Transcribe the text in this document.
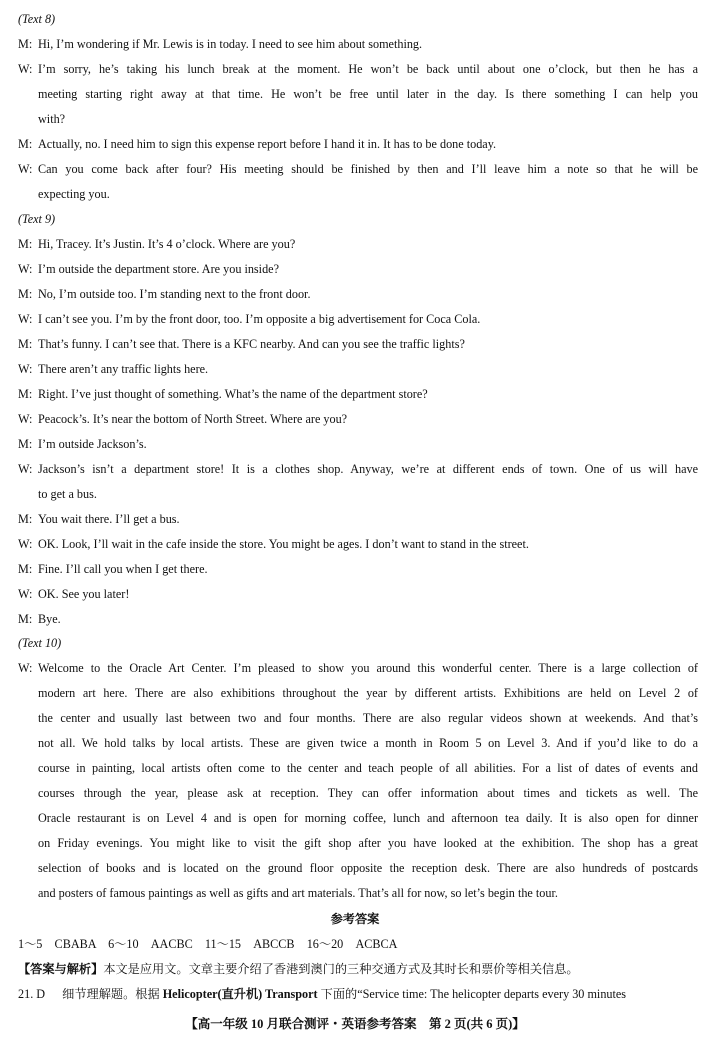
(Text 8)
M: Hi, I’m wondering if Mr. Lewis is in today. I need to see him about something.
W: I’m sorry, he’s taking his lunch break at the moment. He won’t be back until about one o’clock, but then he has a
meeting starting right away at that time. He won’t be free until later in the day. Is there something I can help you
with?
M: Actually, no. I need him to sign this expense report before I hand it in. It has to be done today.
W: Can you come back after four? His meeting should be finished by then and I’ll leave him a note so that he will be
expecting you.
(Text 9)
M: Hi, Tracey. It’s Justin. It’s 4 o’clock. Where are you?
W: I’m outside the department store. Are you inside?
M: No, I’m outside too. I’m standing next to the front door.
W: I can’t see you. I’m by the front door, too. I’m opposite a big advertisement for Coca Cola.
M: That’s funny. I can’t see that. There is a KFC nearby. And can you see the traffic lights?
W: There aren’t any traffic lights here.
M: Right. I’ve just thought of something. What’s the name of the department store?
W: Peacock’s. It’s near the bottom of North Street. Where are you?
M: I’m outside Jackson’s.
W: Jackson’s isn’t a department store! It is a clothes shop. Anyway, we’re at different ends of town. One of us will have
to get a bus.
M: You wait there. I’ll get a bus.
W: OK. Look, I’ll wait in the cafe inside the store. You might be ages. I don’t want to stand in the street.
M: Fine. I’ll call you when I get there.
W: OK. See you later!
M: Bye.
(Text 10)
W: Welcome to the Oracle Art Center. I’m pleased to show you around this wonderful center. There is a large collection of
modern art here. There are also exhibitions throughout the year by different artists. Exhibitions are held on Level 2 of
the center and usually last between two and four months. There are also regular videos shown at weekends. And that’s
not all. We hold talks by local artists. These are given twice a month in Room 5 on Level 3. And if you’d like to do a
course in painting, local artists often come to the center and teach people of all abilities. For a list of dates of events and
courses through the year, please ask at reception. They can offer information about times and tickets as well. The
Oracle restaurant is on Level 4 and is open for morning coffee, lunch and afternoon tea daily. It is also open for dinner
on Friday evenings. You might like to visit the gift shop after you have looked at the exhibition. The shop has a great
selection of books and is located on the ground floor opposite the reception desk. There are also hundreds of postcards
and posters of famous paintings as well as gifts and art materials. That’s all for now, so let’s begin the tour.
参考答案
1～5　CBABA　6～10　AACBC　11～15　ABCCB　16～20　ACBCA
【答案与解析】本文是应用文。文章主要介绍了香港到澳门的三种交通方式及其时长和票价等相关信息。
21. D 细节理解题。根据 Helicopter(直升机) Transport 下面的“Service time: The helicopter departs every 30 minutes
【高一年级 10 月联合测评・英语参考答案　第 2 页(共 6 页)】
